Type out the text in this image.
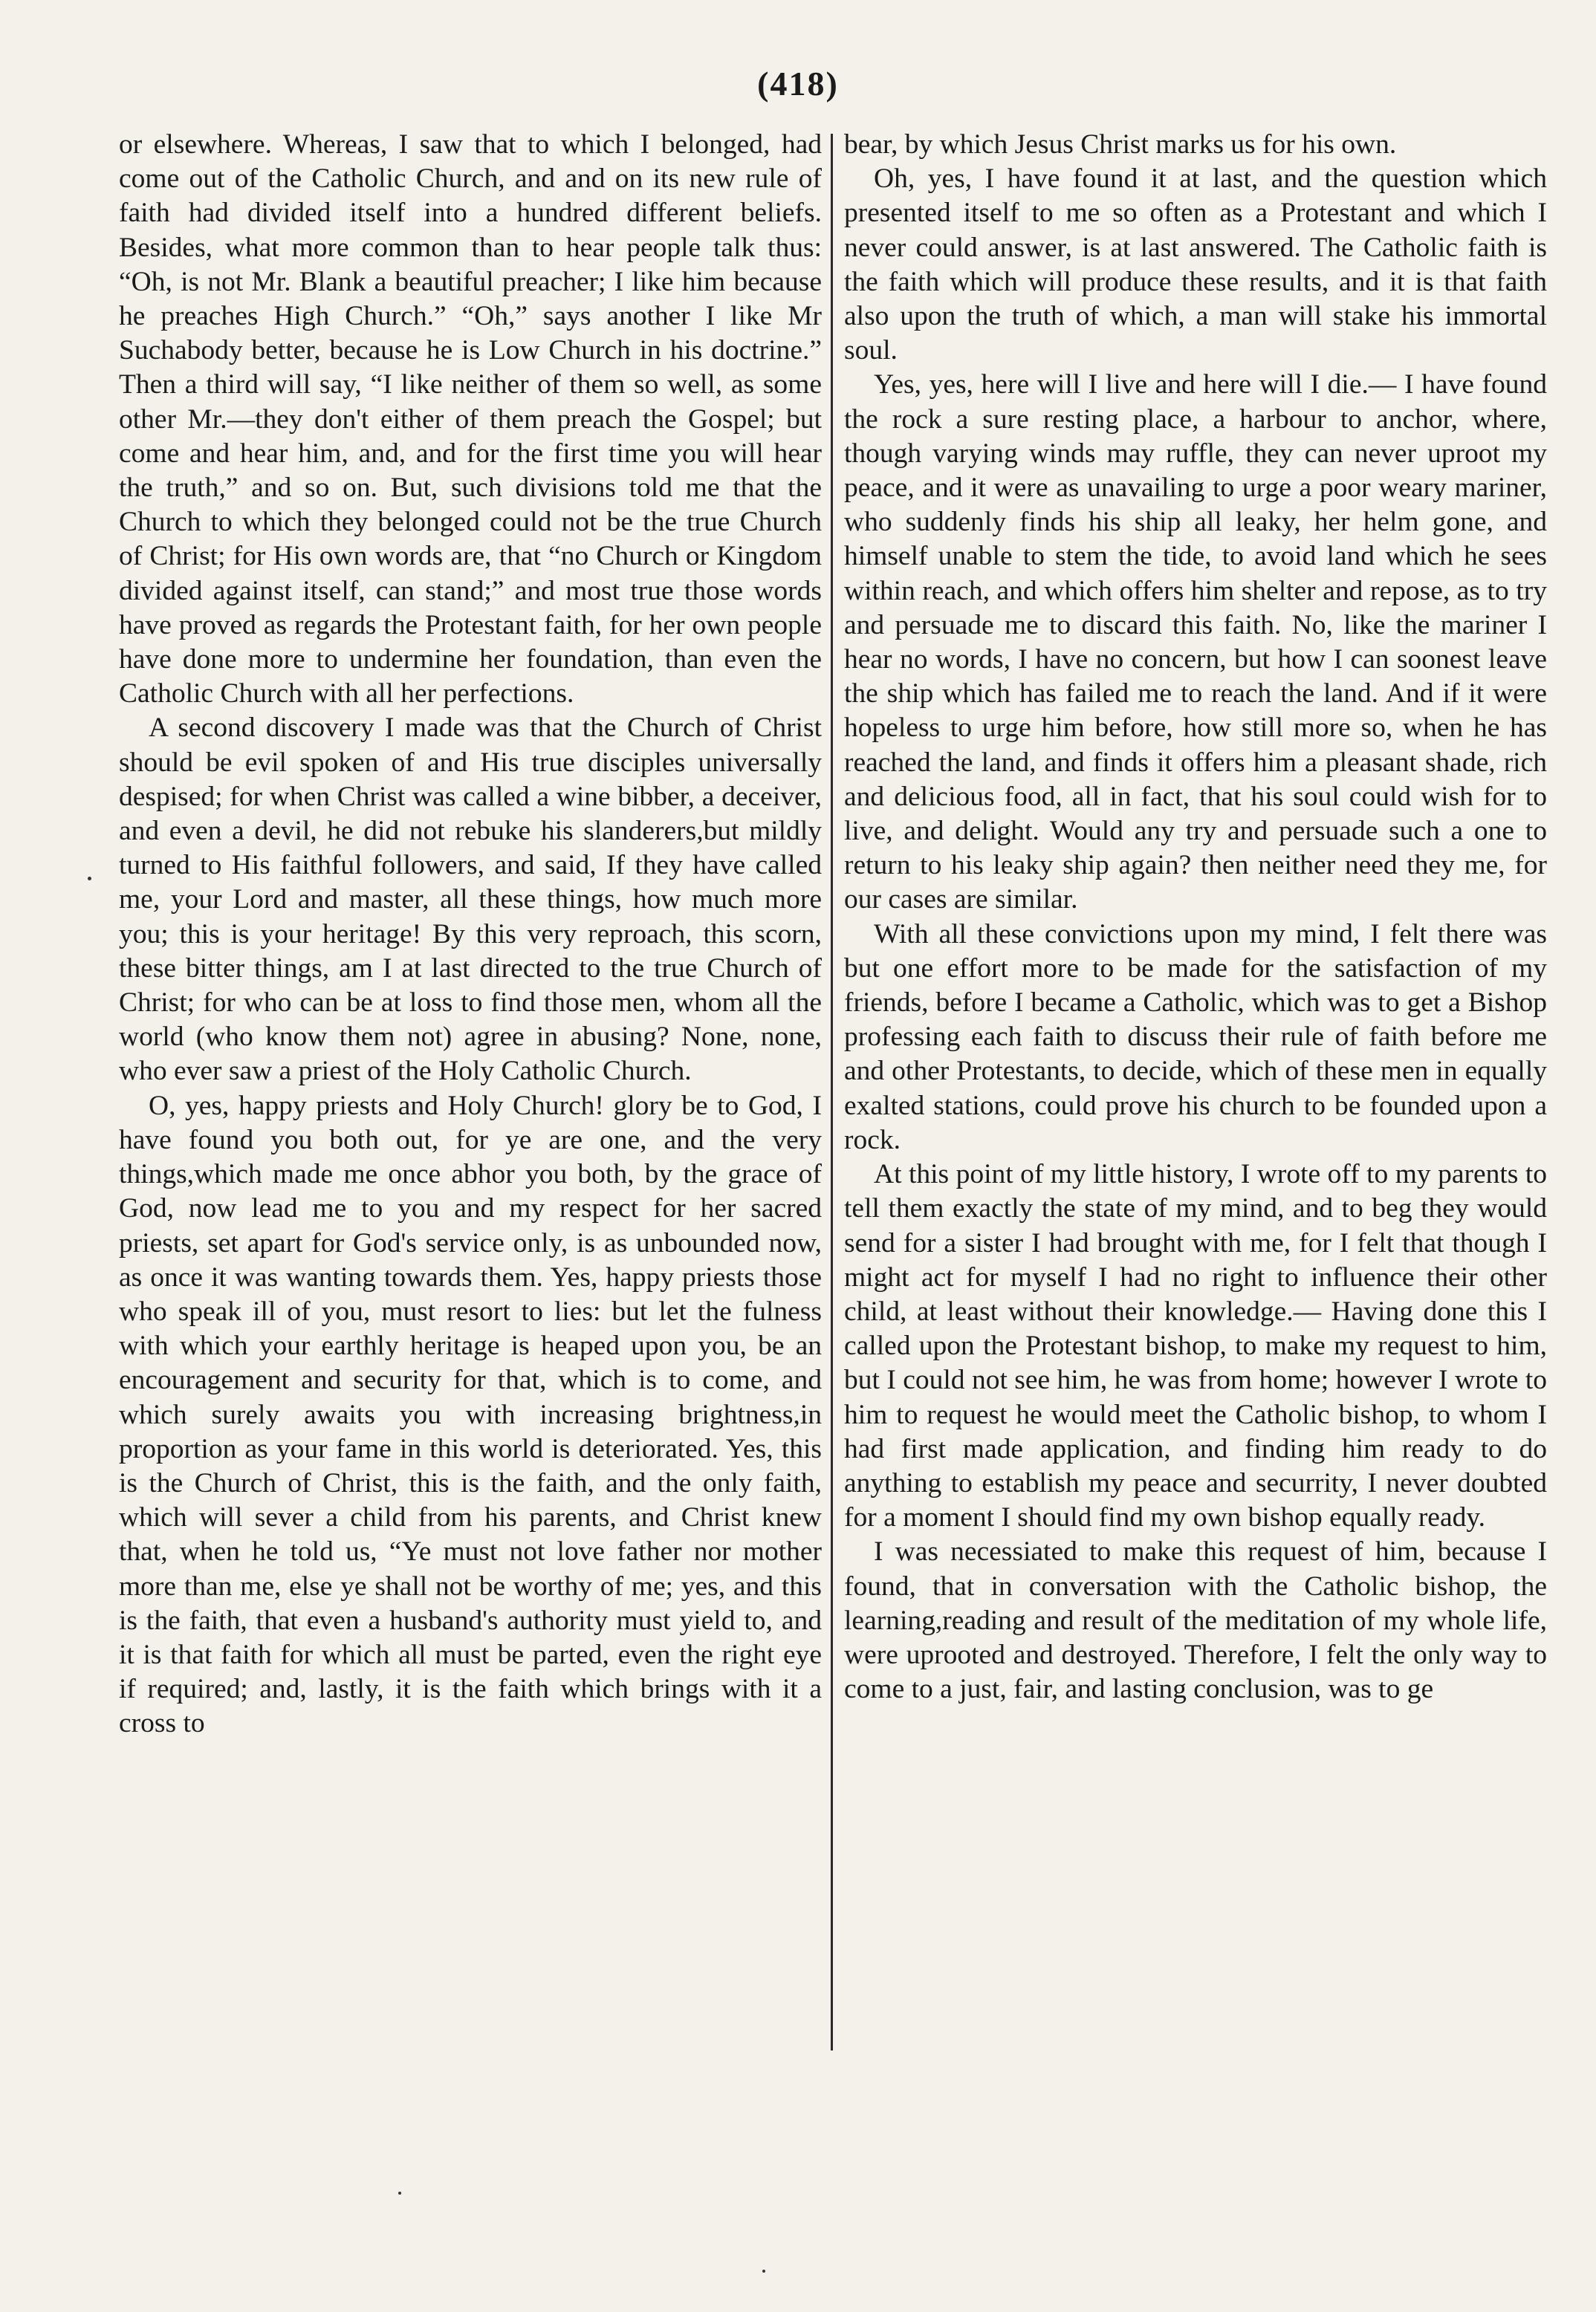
(418)

or elsewhere. Whereas, I saw that to which I belonged, had come out of the Catholic Church, and and on its new rule of faith had divided itself into a hundred different beliefs. Besides, what more common than to hear people talk thus: “Oh, is not Mr. Blank a beautiful preacher; I like him because he preaches High Church.” “Oh,” says another I like Mr Suchabody better, because he is Low Church in his doctrine.” Then a third will say, “I like neither of them so well, as some other Mr.—they don't either of them preach the Gospel; but come and hear him, and, and for the first time you will hear the truth,” and so on. But, such divisions told me that the Church to which they belonged could not be the true Church of Christ; for His own words are, that “no Church or Kingdom divided against itself, can stand;” and most true those words have proved as regards the Protestant faith, for her own people have done more to undermine her foundation, than even the Catholic Church with all her perfections.

A second discovery I made was that the Church of Christ should be evil spoken of and His true disciples universally despised; for when Christ was called a wine bibber, a deceiver, and even a devil, he did not rebuke his slanderers,but mildly turned to His faithful followers, and said, If they have called me, your Lord and master, all these things, how much more you; this is your heritage! By this very reproach, this scorn, these bitter things, am I at last directed to the true Church of Christ; for who can be at loss to find those men, whom all the world (who know them not) agree in abusing? None, none, who ever saw a priest of the Holy Catholic Church.

O, yes, happy priests and Holy Church! glory be to God, I have found you both out, for ye are one, and the very things,which made me once abhor you both, by the grace of God, now lead me to you and my respect for her sacred priests, set apart for God's service only, is as unbounded now, as once it was wanting towards them. Yes, happy priests those who speak ill of you, must resort to lies: but let the fulness with which your earthly heritage is heaped upon you, be an encouragement and security for that, which is to come, and which surely awaits you with increasing brightness,in proportion as your fame in this world is deteriorated. Yes, this is the Church of Christ, this is the faith, and the only faith, which will sever a child from his parents, and Christ knew that, when he told us, “Ye must not love father nor mother more than me, else ye shall not be worthy of me; yes, and this is the faith, that even a husband's authority must yield to, and it is that faith for which all must be parted, even the right eye if required; and, lastly, it is the faith which brings with it a cross to

bear, by which Jesus Christ marks us for his own.

Oh, yes, I have found it at last, and the question which presented itself to me so often as a Protestant and which I never could answer, is at last answered. The Catholic faith is the faith which will produce these results, and it is that faith also upon the truth of which, a man will stake his immortal soul.

Yes, yes, here will I live and here will I die.— I have found the rock a sure resting place, a harbour to anchor, where, though varying winds may ruffle, they can never uproot my peace, and it were as unavailing to urge a poor weary mariner, who suddenly finds his ship all leaky, her helm gone, and himself unable to stem the tide, to avoid land which he sees within reach, and which offers him shelter and repose, as to try and persuade me to discard this faith. No, like the mariner I hear no words, I have no concern, but how I can soonest leave the ship which has failed me to reach the land. And if it were hopeless to urge him before, how still more so, when he has reached the land, and finds it offers him a pleasant shade, rich and delicious food, all in fact, that his soul could wish for to live, and delight. Would any try and persuade such a one to return to his leaky ship again? then neither need they me, for our cases are similar.

With all these convictions upon my mind, I felt there was but one effort more to be made for the satisfaction of my friends, before I became a Catholic, which was to get a Bishop professing each faith to discuss their rule of faith before me and other Protestants, to decide, which of these men in equally exalted stations, could prove his church to be founded upon a rock.

At this point of my little history, I wrote off to my parents to tell them exactly the state of my mind, and to beg they would send for a sister I had brought with me, for I felt that though I might act for myself I had no right to influence their other child, at least without their knowledge.— Having done this I called upon the Protestant bishop, to make my request to him, but I could not see him, he was from home; however I wrote to him to request he would meet the Catholic bishop, to whom I had first made application, and finding him ready to do anything to establish my peace and securrity, I never doubted for a moment I should find my own bishop equally ready.

I was necessiated to make this request of him, because I found, that in conversation with the Catholic bishop, the learning,reading and result of the meditation of my whole life, were uprooted and destroyed. Therefore, I felt the only way to come to a just, fair, and lasting conclusion, was to ge
